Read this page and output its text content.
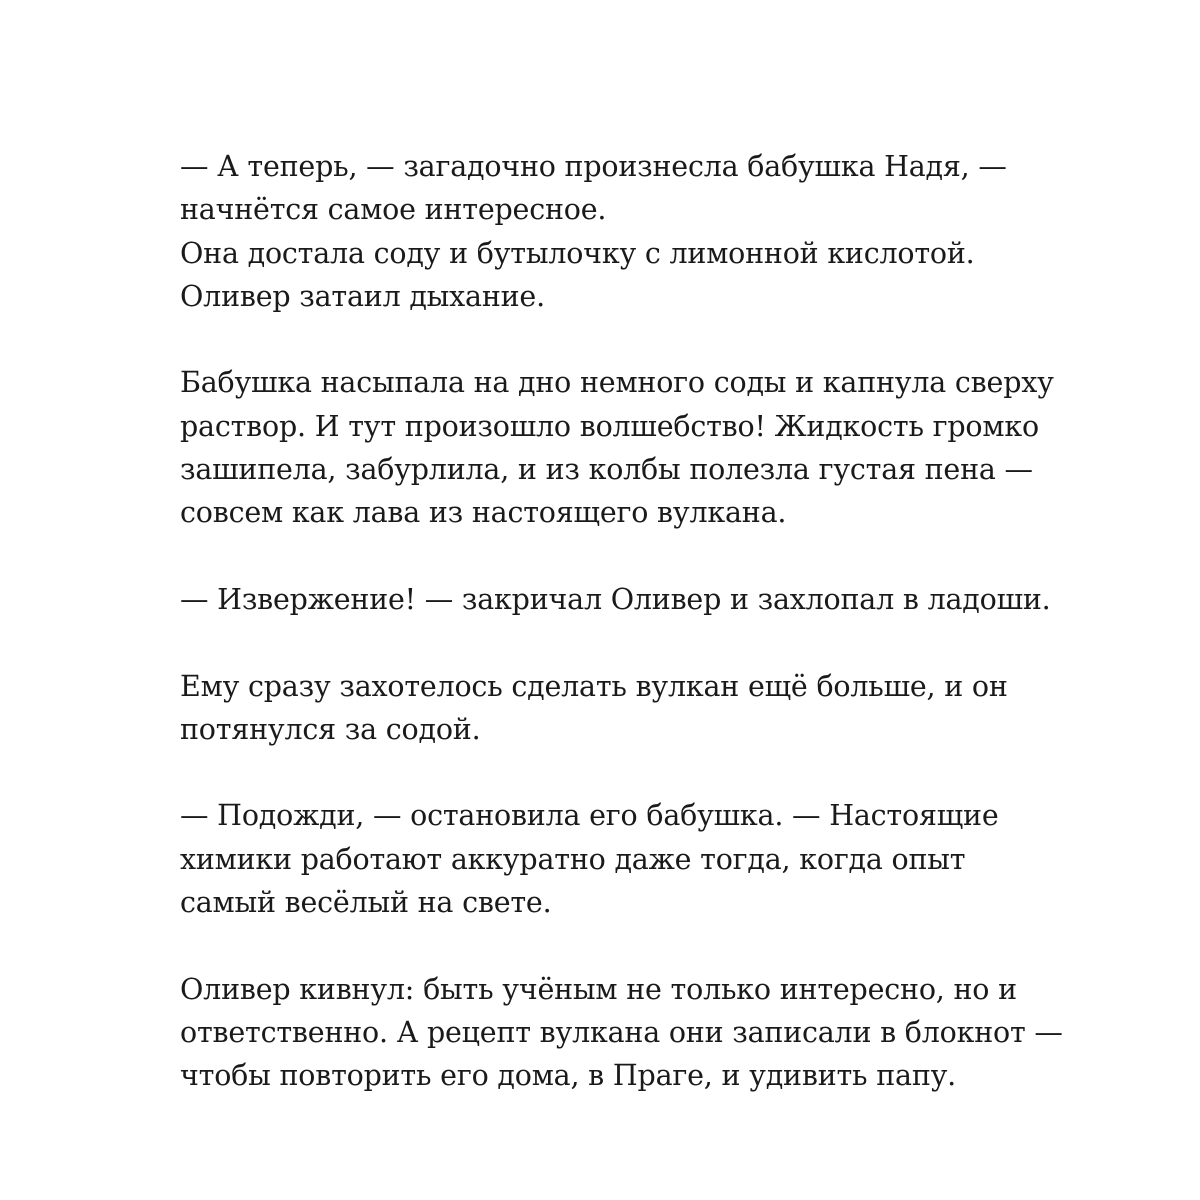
— А теперь, — загадочно произнесла бабушка Надя, —
начнётся самое интересное.
Она достала соду и бутылочку с лимонной кислотой.
Оливер затаил дыхание.

Бабушка насыпала на дно немного соды и капнула сверху
раствор. И тут произошло волшебство! Жидкость громко
зашипела, забурлила, и из колбы полезла густая пена —
совсем как лава из настоящего вулкана.

— Извержение! — закричал Оливер и захлопал в ладоши.

Ему сразу захотелось сделать вулкан ещё больше, и он
потянулся за содой.

— Подожди, — остановила его бабушка. — Настоящие
химики работают аккуратно даже тогда, когда опыт
самый весёлый на свете.

Оливер кивнул: быть учёным не только интересно, но и
ответственно. А рецепт вулкана они записали в блокнот —
чтобы повторить его дома, в Праге, и удивить папу.
